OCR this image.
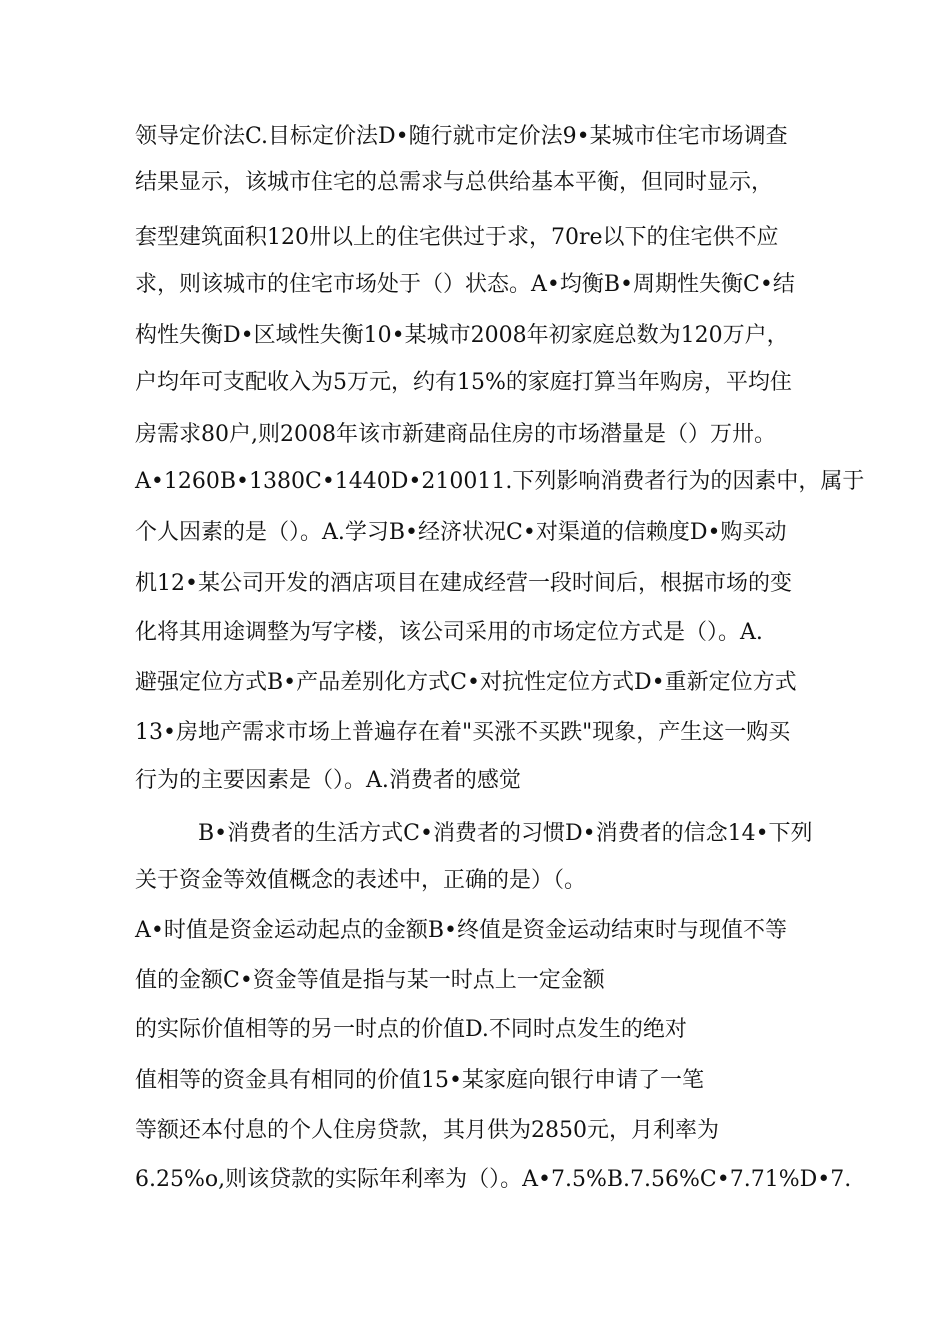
领导定价法C.目标定价法D•随行就市定价法9•某城市住宅市场调查
结果显示，该城市住宅的总需求与总供给基本平衡，但同时显示，
套型建筑面积120卅以上的住宅供过于求，70re以下的住宅供不应
求，则该城市的住宅市场处于（）状态。A•均衡B•周期性失衡C•结
构性失衡D•区域性失衡10•某城市2008年初家庭总数为120万户，
户均年可支配收入为5万元，约有15%的家庭打算当年购房，平均住
房需求80户,则2008年该市新建商品住房的市场潜量是（）万卅。
A•1260B•1380C•1440D•210011.下列影响消费者行为的因素中，属于
个人因素的是（）。A.学习B•经济状况C•对渠道的信赖度D•购买动
机12•某公司开发的酒店项目在建成经营一段时间后，根据市场的变
化将其用途调整为写字楼，该公司采用的市场定位方式是（）。A.
避强定位方式B•产品差别化方式C•对抗性定位方式D•重新定位方式
13•房地产需求市场上普遍存在着"买涨不买跌"现象，产生这一购买
行为的主要因素是（）。A.消费者的感觉
B•消费者的生活方式C•消费者的习惯D•消费者的信念14•下列
关于资金等效值概念的表述中，正确的是）（。
A•时值是资金运动起点的金额B•终值是资金运动结束时与现值不等
值的金额C•资金等值是指与某一时点上一定金额
的实际价值相等的另一时点的价值D.不同时点发生的绝对
值相等的资金具有相同的价值15•某家庭向银行申请了一笔
等额还本付息的个人住房贷款，其月供为2850元，月利率为
6.25%o,则该贷款的实际年利率为（）。A•7.5%B.7.56%C•7.71%D•7.
